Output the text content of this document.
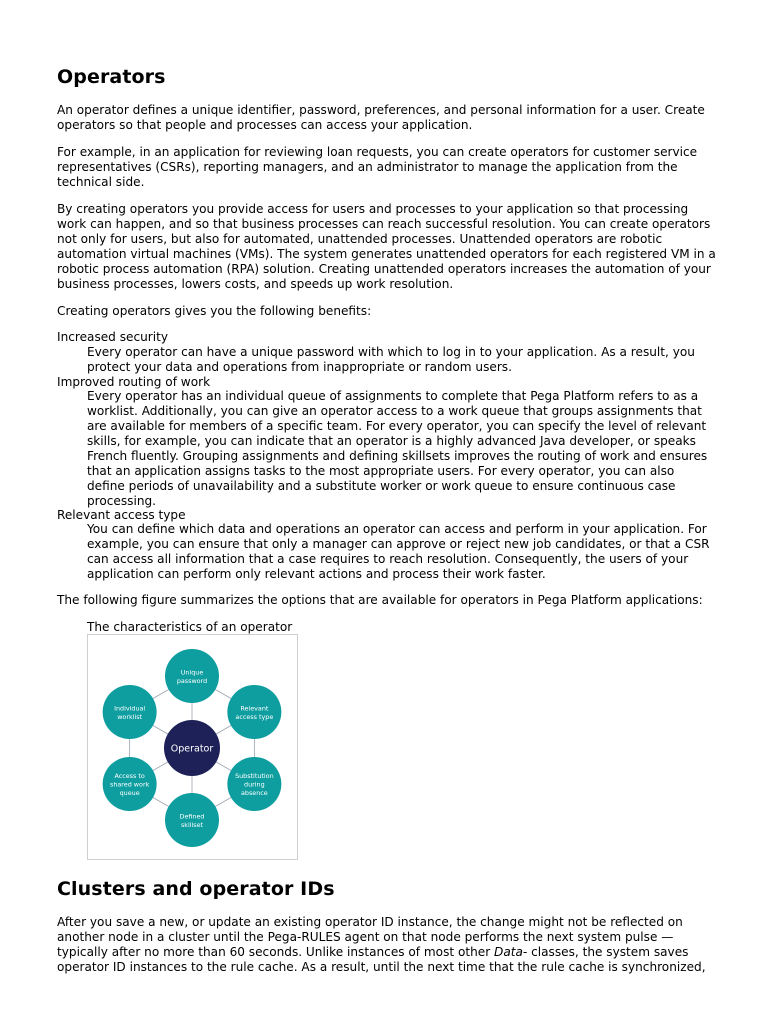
Operators

An operator defines a unique identifier, password, preferences, and personal information for a user. Create operators so that people and processes can access your application.

For example, in an application for reviewing loan requests, you can create operators for customer service representatives (CSRs), reporting managers, and an administrator to manage the application from the technical side.

By creating operators you provide access for users and processes to your application so that processing work can happen, and so that business processes can reach successful resolution. You can create operators not only for users, but also for automated, unattended processes. Unattended operators are robotic automation virtual machines (VMs). The system generates unattended operators for each registered VM in a robotic process automation (RPA) solution. Creating unattended operators increases the automation of your business processes, lowers costs, and speeds up work resolution.

Creating operators gives you the following benefits:

Increased security
Every operator can have a unique password with which to log in to your application. As a result, you protect your data and operations from inappropriate or random users.
Improved routing of work
Every operator has an individual queue of assignments to complete that Pega Platform refers to as a worklist. Additionally, you can give an operator access to a work queue that groups assignments that are available for members of a specific team. For every operator, you can specify the level of relevant skills, for example, you can indicate that an operator is a highly advanced Java developer, or speaks French fluently. Grouping assignments and defining skillsets improves the routing of work and ensures that an application assigns tasks to the most appropriate users. For every operator, you can also define periods of unavailability and a substitute worker or work queue to ensure continuous case processing.
Relevant access type
You can define which data and operations an operator can access and perform in your application. For example, you can ensure that only a manager can approve or reject new job candidates, or that a CSR can access all information that a case requires to reach resolution. Consequently, the users of your application can perform only relevant actions and process their work faster.

The following figure summarizes the options that are available for operators in Pega Platform applications:

The characteristics of an operator
Unique
password
Relevant
access type
Substitution
during
absence
Defined
skillset
Access to
shared work
queue
Individual
worklist
Operator
Clusters and operator IDs

After you save a new, or update an existing operator ID instance, the change might not be reflected on another node in a cluster until the Pega-RULES agent on that node performs the next system pulse — typically after no more than 60 seconds. Unlike instances of most other Data- classes, the system saves operator ID instances to the rule cache. As a result, until the next time that the rule cache is synchronized,
